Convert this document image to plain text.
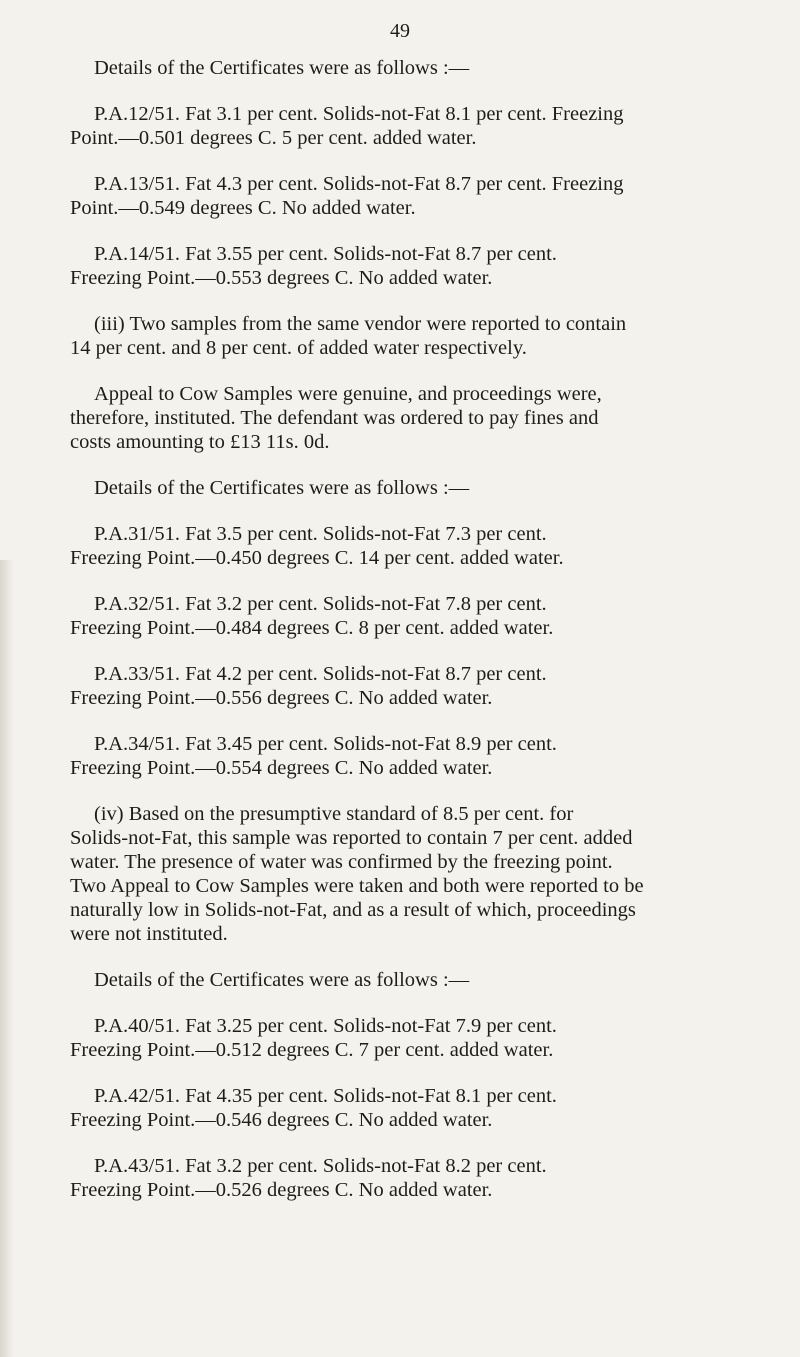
49

Details of the Certificates were as follows :—

P.A.12/51. Fat 3.1 per cent. Solids-not-Fat 8.1 per cent. Freezing
Point.—0.501 degrees C. 5 per cent. added water.
P.A.13/51. Fat 4.3 per cent. Solids-not-Fat 8.7 per cent. Freezing
Point.—0.549 degrees C. No added water.
P.A.14/51. Fat 3.55 per cent. Solids-not-Fat 8.7 per cent.
Freezing Point.—0.553 degrees C. No added water.
(iii) Two samples from the same vendor were reported to contain
14 per cent. and 8 per cent. of added water respectively.
Appeal to Cow Samples were genuine, and proceedings were,
therefore, instituted. The defendant was ordered to pay fines and
costs amounting to £13 11s. 0d.

Details of the Certificates were as follows :—

P.A.31/51. Fat 3.5 per cent. Solids-not-Fat 7.3 per cent.
Freezing Point.—0.450 degrees C. 14 per cent. added water.
P.A.32/51. Fat 3.2 per cent. Solids-not-Fat 7.8 per cent.
Freezing Point.—0.484 degrees C. 8 per cent. added water.
P.A.33/51. Fat 4.2 per cent. Solids-not-Fat 8.7 per cent.
Freezing Point.—0.556 degrees C. No added water.
P.A.34/51. Fat 3.45 per cent. Solids-not-Fat 8.9 per cent.
Freezing Point.—0.554 degrees C. No added water.
(iv) Based on the presumptive standard of 8.5 per cent. for
Solids-not-Fat, this sample was reported to contain 7 per cent. added
water. The presence of water was confirmed by the freezing point.
Two Appeal to Cow Samples were taken and both were reported to be
naturally low in Solids-not-Fat, and as a result of which, proceedings
were not instituted.

Details of the Certificates were as follows :—

P.A.40/51. Fat 3.25 per cent. Solids-not-Fat 7.9 per cent.
Freezing Point.—0.512 degrees C. 7 per cent. added water.
P.A.42/51. Fat 4.35 per cent. Solids-not-Fat 8.1 per cent.
Freezing Point.—0.546 degrees C. No added water.
P.A.43/51. Fat 3.2 per cent. Solids-not-Fat 8.2 per cent.
Freezing Point.—0.526 degrees C. No added water.
